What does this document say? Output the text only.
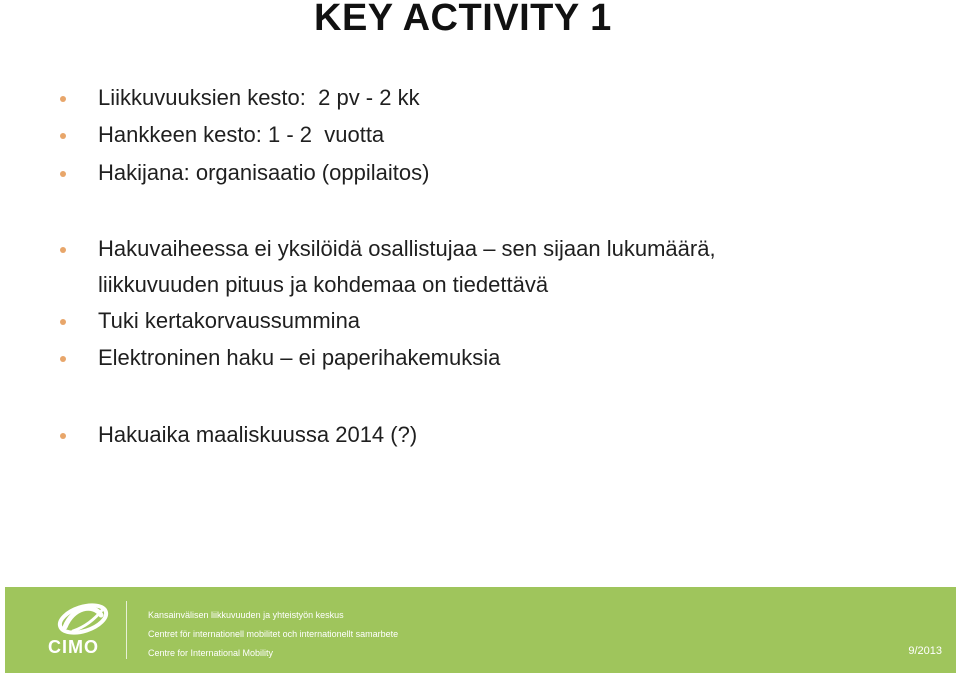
KEY ACTIVITY 1
Liikkuvuuksien kesto:  2 pv - 2 kk
Hankkeen kesto: 1 - 2  vuotta
Hakijana: organisaatio (oppilaitos)
Hakuvaiheessa ei yksilöidä osallistujaa – sen sijaan lukumäärä,
liikkuvuuden pituus ja kohdemaa on tiedettävä
Tuki kertakorvaussummina
Elektroninen haku – ei paperihakemuksia
Hakuaika maaliskuussa 2014 (?)
CIMO
Kansainvälisen liikkuvuuden ja yhteistyön keskus
Centret för internationell mobilitet och internationellt samarbete
Centre for International Mobility	9/2013
